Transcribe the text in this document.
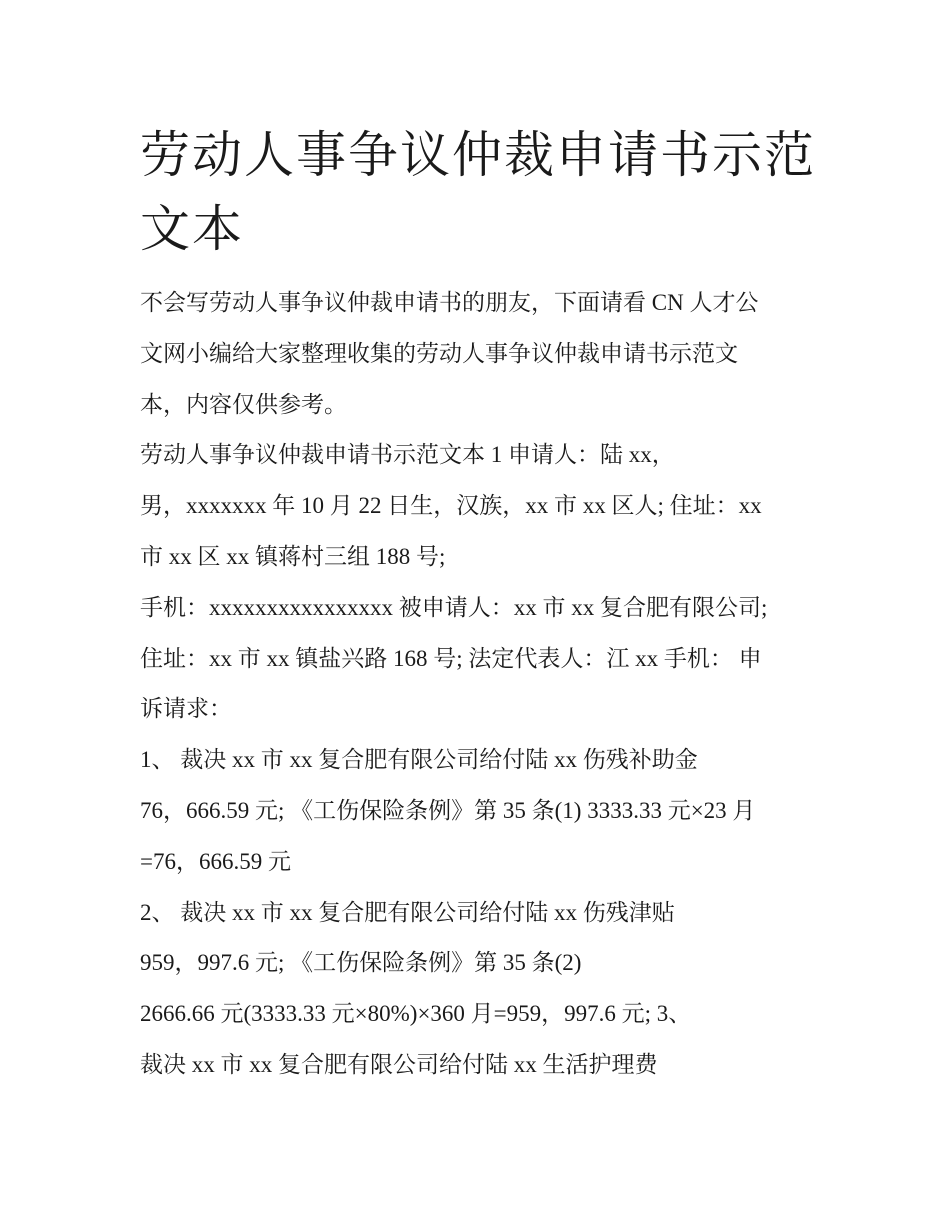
劳动人事争议仲裁申请书示范
文本
不会写劳动人事争议仲裁申请书的朋友，下面请看 CN 人才公
文网小编给大家整理收集的劳动人事争议仲裁申请书示范文
本，内容仅供参考。
劳动人事争议仲裁申请书示范文本 1 申请人：陆 xx，
男，xxxxxxx 年 10 月 22 日生，汉族，xx 市 xx 区人; 住址：xx
市 xx 区 xx 镇蒋村三组 188 号;
手机：xxxxxxxxxxxxxxxx 被申请人：xx 市 xx 复合肥有限公司;
住址：xx 市 xx 镇盐兴路 168 号; 法定代表人：江 xx 手机： 申
诉请求：
1、 裁决 xx 市 xx 复合肥有限公司给付陆 xx 伤残补助金
76，666.59 元; 《工伤保险条例》第 35 条(1) 3333.33 元×23 月
=76，666.59 元
2、 裁决 xx 市 xx 复合肥有限公司给付陆 xx 伤残津贴
959，997.6 元; 《工伤保险条例》第 35 条(2)
2666.66 元(3333.33 元×80%)×360 月=959，997.6 元; 3、
裁决 xx 市 xx 复合肥有限公司给付陆 xx 生活护理费
